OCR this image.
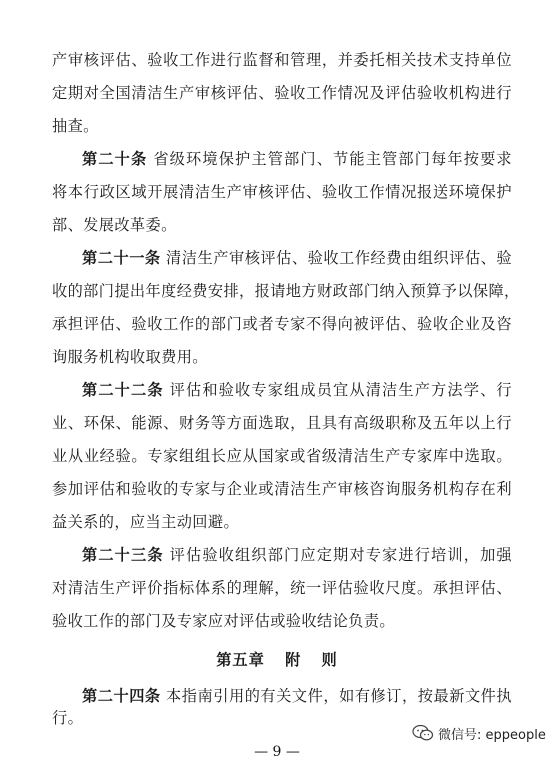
产审核评估、验收工作进行监督和管理，并委托相关技术支持单位
定期对全国清洁生产审核评估、验收工作情况及评估验收机构进行
抽查。
第二十条 省级环境保护主管部门、节能主管部门每年按要求
将本行政区域开展清洁生产审核评估、验收工作情况报送环境保护
部、发展改革委。
第二十一条 清洁生产审核评估、验收工作经费由组织评估、验
收的部门提出年度经费安排，报请地方财政部门纳入预算予以保障，
承担评估、验收工作的部门或者专家不得向被评估、验收企业及咨
询服务机构收取费用。
第二十二条 评估和验收专家组成员宜从清洁生产方法学、行
业、环保、能源、财务等方面选取，且具有高级职称及五年以上行
业从业经验。专家组组长应从国家或省级清洁生产专家库中选取。
参加评估和验收的专家与企业或清洁生产审核咨询服务机构存在利
益关系的，应当主动回避。
第二十三条 评估验收组织部门应定期对专家进行培训，加强
对清洁生产评价指标体系的理解，统一评估验收尺度。承担评估、
验收工作的部门及专家应对评估或验收结论负责。
第五章 附 则
第二十四条 本指南引用的有关文件，如有修订，按最新文件执
行。
微信号: eppeople
— 9 —
